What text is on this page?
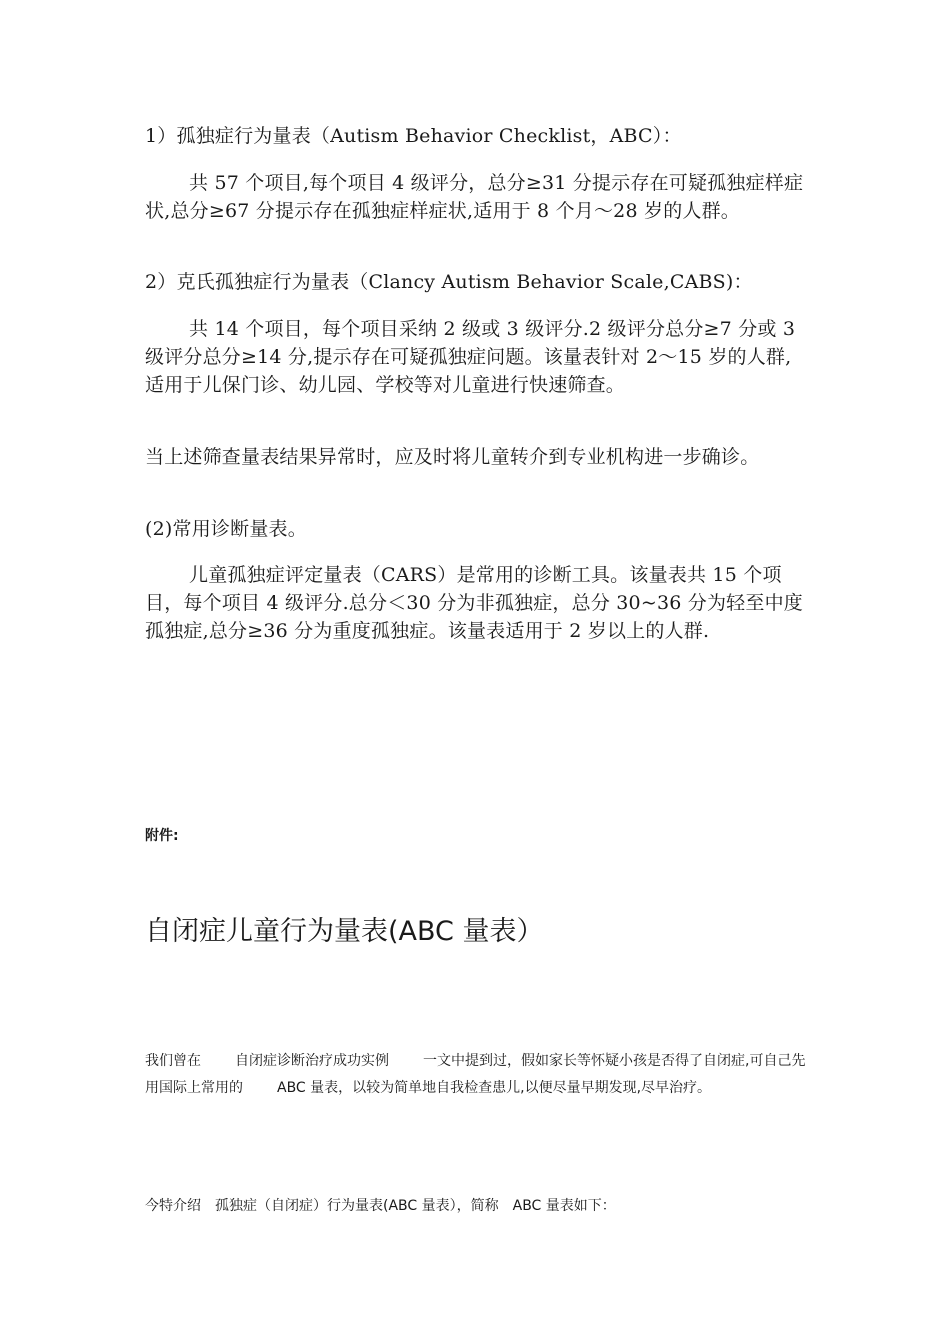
1）孤独症行为量表（Autism Behavior Checklist，ABC）：

共 57 个项目,每个项目 4 级评分，总分≥31 分提示存在可疑孤独症样症状,总分≥67 分提示存在孤独症样症状,适用于 8 个月～28 岁的人群。

2）克氏孤独症行为量表（Clancy Autism Behavior Scale,CABS)：

共 14 个项目，每个项目采纳 2 级或 3 级评分.2 级评分总分≥7 分或 3 级评分总分≥14 分,提示存在可疑孤独症问题。该量表针对 2～15 岁的人群,适用于儿保门诊、幼儿园、学校等对儿童进行快速筛查。

当上述筛查量表结果异常时，应及时将儿童转介到专业机构进一步确诊。

(2)常用诊断量表。

儿童孤独症评定量表（CARS）是常用的诊断工具。该量表共 15 个项目，每个项目 4 级评分.总分＜30 分为非孤独症，总分 30~36 分为轻至中度孤独症,总分≥36 分为重度孤独症。该量表适用于 2 岁以上的人群.

附件:

自闭症儿童行为量表(ABC 量表）

我们曾在 自闭症诊断治疗成功实例 一文中提到过，假如家长等怀疑小孩是否得了自闭症,可自己先用国际上常用的 ABC 量表，以较为简单地自我检查患儿,以便尽量早期发现,尽早治疗。

今特介绍 孤独症（自闭症）行为量表(ABC 量表），简称 ABC 量表如下：
